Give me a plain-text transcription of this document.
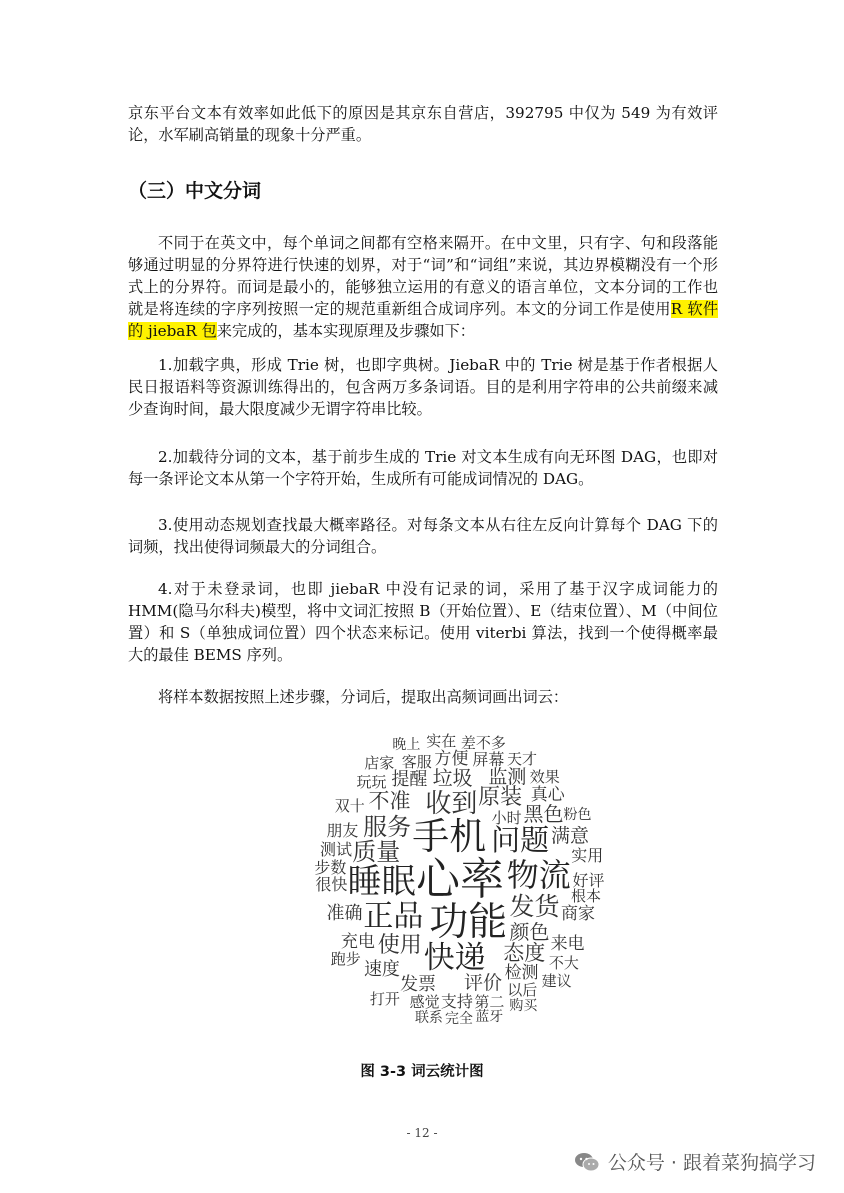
京东平台文本有效率如此低下的原因是其京东自营店，392795 中仅为 549 为有效评论，水军刷高销量的现象十分严重。

（三）中文分词

不同于在英文中，每个单词之间都有空格来隔开。在中文里，只有字、句和段落能够通过明显的分界符进行快速的划界，对于“词”和“词组”来说，其边界模糊没有一个形式上的分界符。而词是最小的，能够独立运用的有意义的语言单位，文本分词的工作也就是将连续的字序列按照一定的规范重新组合成词序列。本文的分词工作是使用R 软件的 jiebaR 包来完成的，基本实现原理及步骤如下：

1.加载字典，形成 Trie 树，也即字典树。JiebaR 中的 Trie 树是基于作者根据人民日报语料等资源训练得出的，包含两万多条词语。目的是利用字符串的公共前缀来减少查询时间，最大限度减少无谓字符串比较。

2.加载待分词的文本，基于前步生成的 Trie 对文本生成有向无环图 DAG，也即对每一条评论文本从第一个字符开始，生成所有可能成词情况的 DAG。

3.使用动态规划查找最大概率路径。对每条文本从右往左反向计算每个 DAG 下的词频，找出使得词频最大的分词组合。

4.对于未登录词，也即 jiebaR 中没有记录的词，采用了基于汉字成词能力的 HMM(隐马尔科夫)模型，将中文词汇按照 B（开始位置）、E（结束位置）、M（中间位置）和 S（单独成词位置）四个状态来标记。使用 viterbi 算法，找到一个使得概率最大的最佳 BEMS 序列。

将样本数据按照上述步骤，分词后，提取出高频词画出词云：

心率
功能
手机
睡眠	物流
快递
正品
问题
收到
发货
质量
服务
原装
使用	态度
不准
垃圾
颜色
黑色
评价
满意
监测
发票
速度
提醒
准确
检测
商家
真心
来电
充电
方便
朋友
好评
很快
测试
支持
实用
步数
屏幕
小时
第二
双十
客服
玩玩
感觉
以后
不大
打开
天才
根本
效果
建议
跑步
实在 差不多
店家
粉色
完全
晚上
购买
联系 蓝牙

图 3-3 词云统计图

- 12 -
公众号 · 跟着菜狗搞学习
